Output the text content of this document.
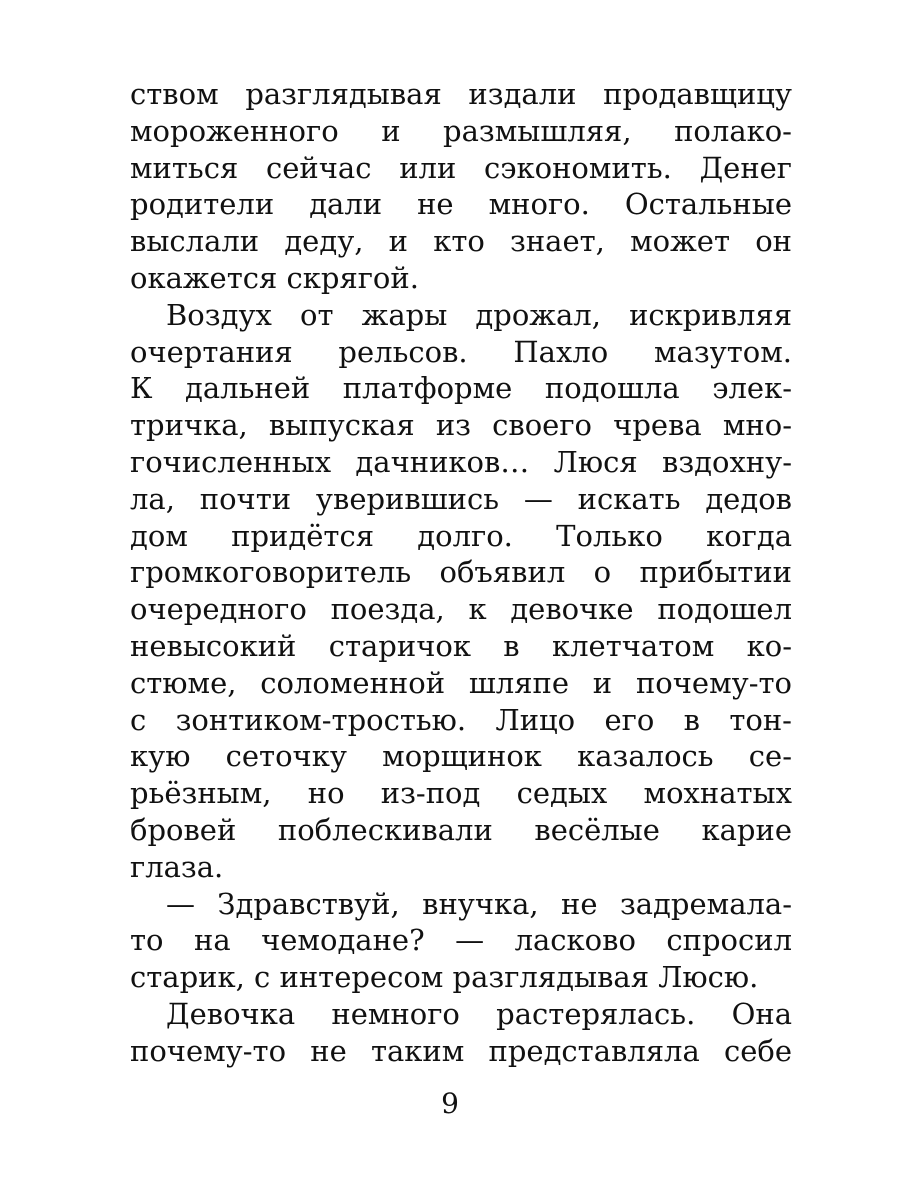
ством разглядывая издали продавщицу
мороженного и размышляя, полако-
миться сейчас или сэкономить. Денег
родители дали не много. Остальные
выслали деду, и кто знает, может он
окажется скрягой.
Воздух от жары дрожал, искривляя
очертания рельсов. Пахло мазутом.
К дальней платформе подошла элек-
тричка, выпуская из своего чрева мно-
гочисленных дачников… Люся вздохну-
ла, почти уверившись — искать дедов
дом придётся долго. Только когда
громкоговоритель объявил о прибытии
очередного поезда, к девочке подошел
невысокий старичок в клетчатом ко-
стюме, соломенной шляпе и почему-то
с зонтиком-тростью. Лицо его в тон-
кую сеточку морщинок казалось се-
рьёзным, но из-под седых мохнатых
бровей поблескивали весёлые карие
глаза.
— Здравствуй, внучка, не задремала-
то на чемодане? — ласково спросил
старик, с интересом разглядывая Люсю.
Девочка немного растерялась. Она
почему-то не таким представляла себе
9
